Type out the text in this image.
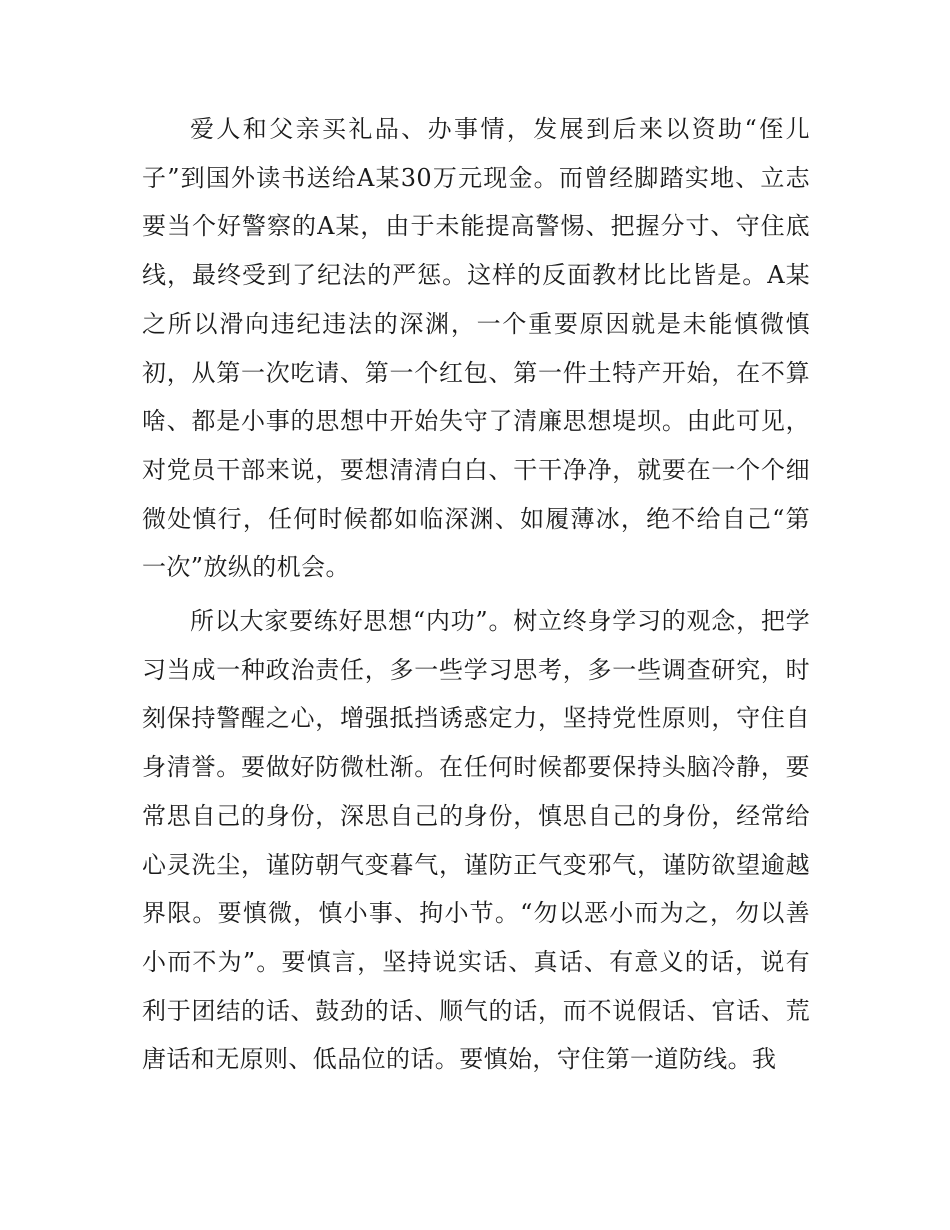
爱人和父亲买礼品、办事情，发展到后来以资助“侄儿子”到国外读书送给A某30万元现金。而曾经脚踏实地、立志要当个好警察的A某，由于未能提高警惕、把握分寸、守住底线，最终受到了纪法的严惩。这样的反面教材比比皆是。A某之所以滑向违纪违法的深渊，一个重要原因就是未能慎微慎初，从第一次吃请、第一个红包、第一件土特产开始，在不算啥、都是小事的思想中开始失守了清廉思想堤坝。由此可见，对党员干部来说，要想清清白白、干干净净，就要在一个个细微处慎行，任何时候都如临深渊、如履薄冰，绝不给自己“第一次”放纵的机会。

所以大家要练好思想“内功”。树立终身学习的观念，把学习当成一种政治责任，多一些学习思考，多一些调查研究，时刻保持警醒之心，增强抵挡诱惑定力，坚持党性原则，守住自身清誉。要做好防微杜渐。在任何时候都要保持头脑冷静，要常思自己的身份，深思自己的身份，慎思自己的身份，经常给心灵洗尘，谨防朝气变暮气，谨防正气变邪气，谨防欲望逾越界限。要慎微，慎小事、拘小节。“勿以恶小而为之，勿以善小而不为”。要慎言，坚持说实话、真话、有意义的话，说有利于团结的话、鼓劲的话、顺气的话，而不说假话、官话、荒唐话和无原则、低品位的话。要慎始，守住第一道防线。我
